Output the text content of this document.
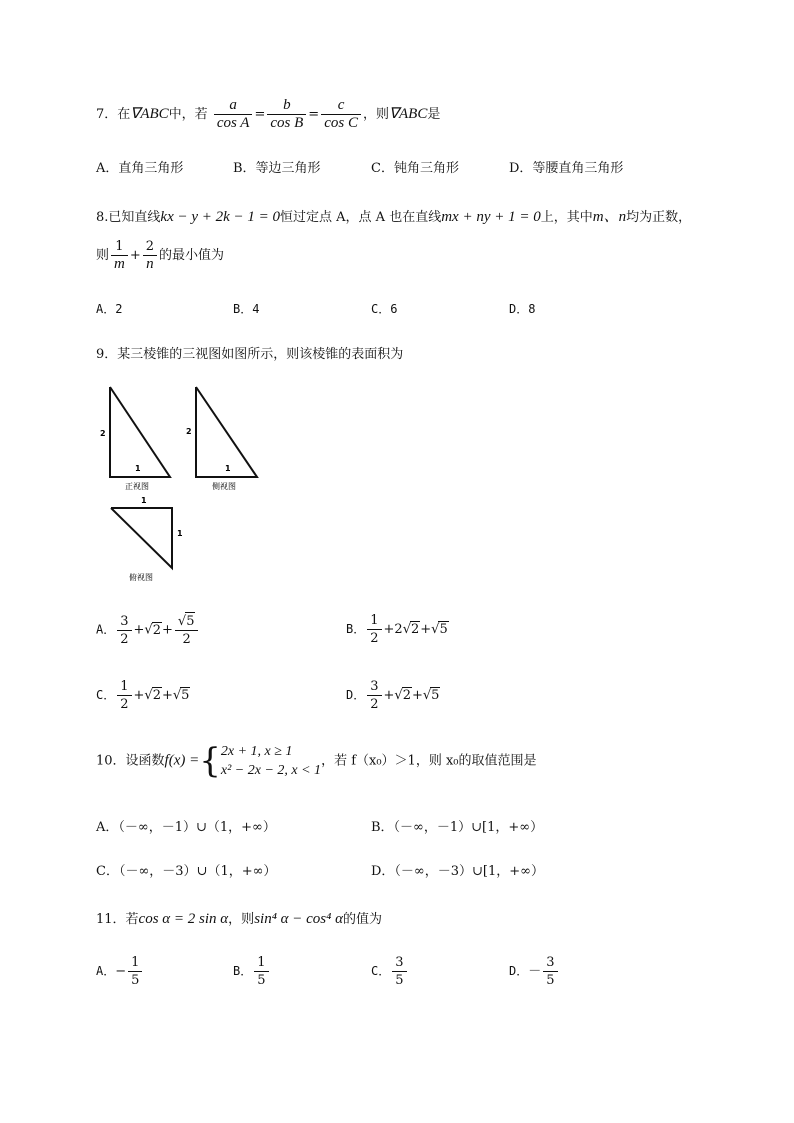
7．在∇ABC中，若 $\frac{a}{\text{cos A}} = \frac{b}{\text{cos B}} = \frac{c}{\text{cos C}}$ ，则∇ABC是
A．直角三角形	B．等边三角形	C．钝角三角形	D．等腰直角三角形
8.已知直线kx − y + 2k − 1 = 0恒过定点 A，点 A 也在直线mx + ny + 1 = 0上，其中m、n均为正数，
则 $\frac{1}{m} + \frac{2}{n}$ 的最小值为
A．2	B．4	C．6	D．8
9．某三棱锥的三视图如图所示，则该棱锥的表面积为
2
1
正视图
2
1
侧视图
1
1
俯视图
A． $\frac{3}{2} +√2+ \frac{√5}{2}$	B． $\frac{1}{2} +2√2+√5$
C． $\frac{1}{2} +√2+√5$	D． $\frac{3}{2} +√2+√5$
10．设函数f(x) ={ 2x + 1, x ≥ 1
x² − 2x − 2, x < 1
，若 f（x₀）＞1，则 x₀的取值范围是
A．（－∞，－1）∪（1，+∞）	B．（－∞，－1）∪[1，+∞）
C．（－∞，－3）∪（1，+∞）	D．（－∞，－3）∪[1，+∞）
11．若cos α = 2 sin α，则sin⁴ α − cos⁴ α的值为
A．− $\frac{1}{5}$	B． $\frac{1}{5}$	C． $\frac{3}{5}$	D．－ $\frac{3}{5}$
